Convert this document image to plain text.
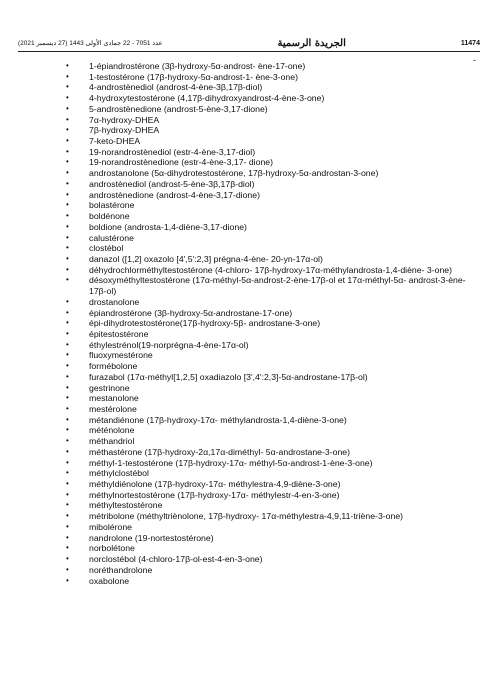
عدد 7051 - 22 جمادى الأولى 1443 (27 ديسمبر 2021)	الجريدة الرسمية	11474
-
• 1-épiandrostérone (3β-hydroxy-5α-androst- ène-17-one)
• 1-testostérone (17β-hydroxy-5α-androst-1- ène-3-one)
• 4-androstènediol (androst-4-ène-3β,17β-diol)
• 4-hydroxytestostérone (4,17β-dihydroxyandrost-4-ène-3-one)
• 5-androstènedione (androst-5-ène-3,17-dione)
• 7α-hydroxy-DHEA
• 7β-hydroxy-DHEA
• 7-keto-DHEA
• 19-norandrostènediol (estr-4-ène-3,17-diol)
• 19-norandrostènedione (estr-4-ène-3,17- dione)
• androstanolone (5α-dihydrotestostérone, 17β-hydroxy-5α-androstan-3-one)
• androstènediol (androst-5-ène-3β,17β-diol)
• androstènedione (androst-4-ène-3,17-dione)
• bolastérone
• boldénone
• boldione (androsta-1,4-diène-3,17-dione)
• calustérone
• clostébol
• danazol ([1,2] oxazolo [4',5':2,3] prégna-4-ène- 20-yn-17α-ol)
• déhydrochlorméthyltestostérone (4-chloro- 17β-hydroxy-17α-méthylandrosta-1,4-diène- 3-one)
• désoxyméthyltestostérone (17α-méthyl-5α-androst-2-ène-17β-ol et 17α-méthyl-5α- androst-3-ène-17β-ol)
• drostanolone
• épiandrostérone (3β-hydroxy-5α-androstane-17-one)
• épi-dihydrotestostérone(17β-hydroxy-5β- androstane-3-one)
• épitestostérone
• éthylestrénol(19-norprégna-4-ène-17α-ol)
• fluoxymestérone
• formébolone
• furazabol (17α-méthyl[1,2,5] oxadiazolo [3',4':2,3]-5α-androstane-17β-ol)
• gestrinone
• mestanolone
• mestérolone
• métandiénone (17β-hydroxy-17α- méthylandrosta-1,4-diène-3-one)
• méténolone
• méthandriol
• méthastérone (17β-hydroxy-2α,17α-diméthyl- 5α-androstane-3-one)
• méthyl-1-testostérone (17β-hydroxy-17α- méthyl-5α-androst-1-ène-3-one)
• méthylclostébol
• méthyldiénolone (17β-hydroxy-17α- méthylestra-4,9-diène-3-one)
• méthylnortestostérone (17β-hydroxy-17α- méthylestr-4-en-3-one)
• méthyltestostérone
• métribolone (méthyltriènolone, 17β-hydroxy- 17α-méthylestra-4,9,11-triène-3-one)
• mibolérone
• nandrolone (19-nortestostérone)
• norbolétone
• norclostébol (4-chloro-17β-ol-est-4-en-3-one)
• noréthandrolone
• oxabolone
